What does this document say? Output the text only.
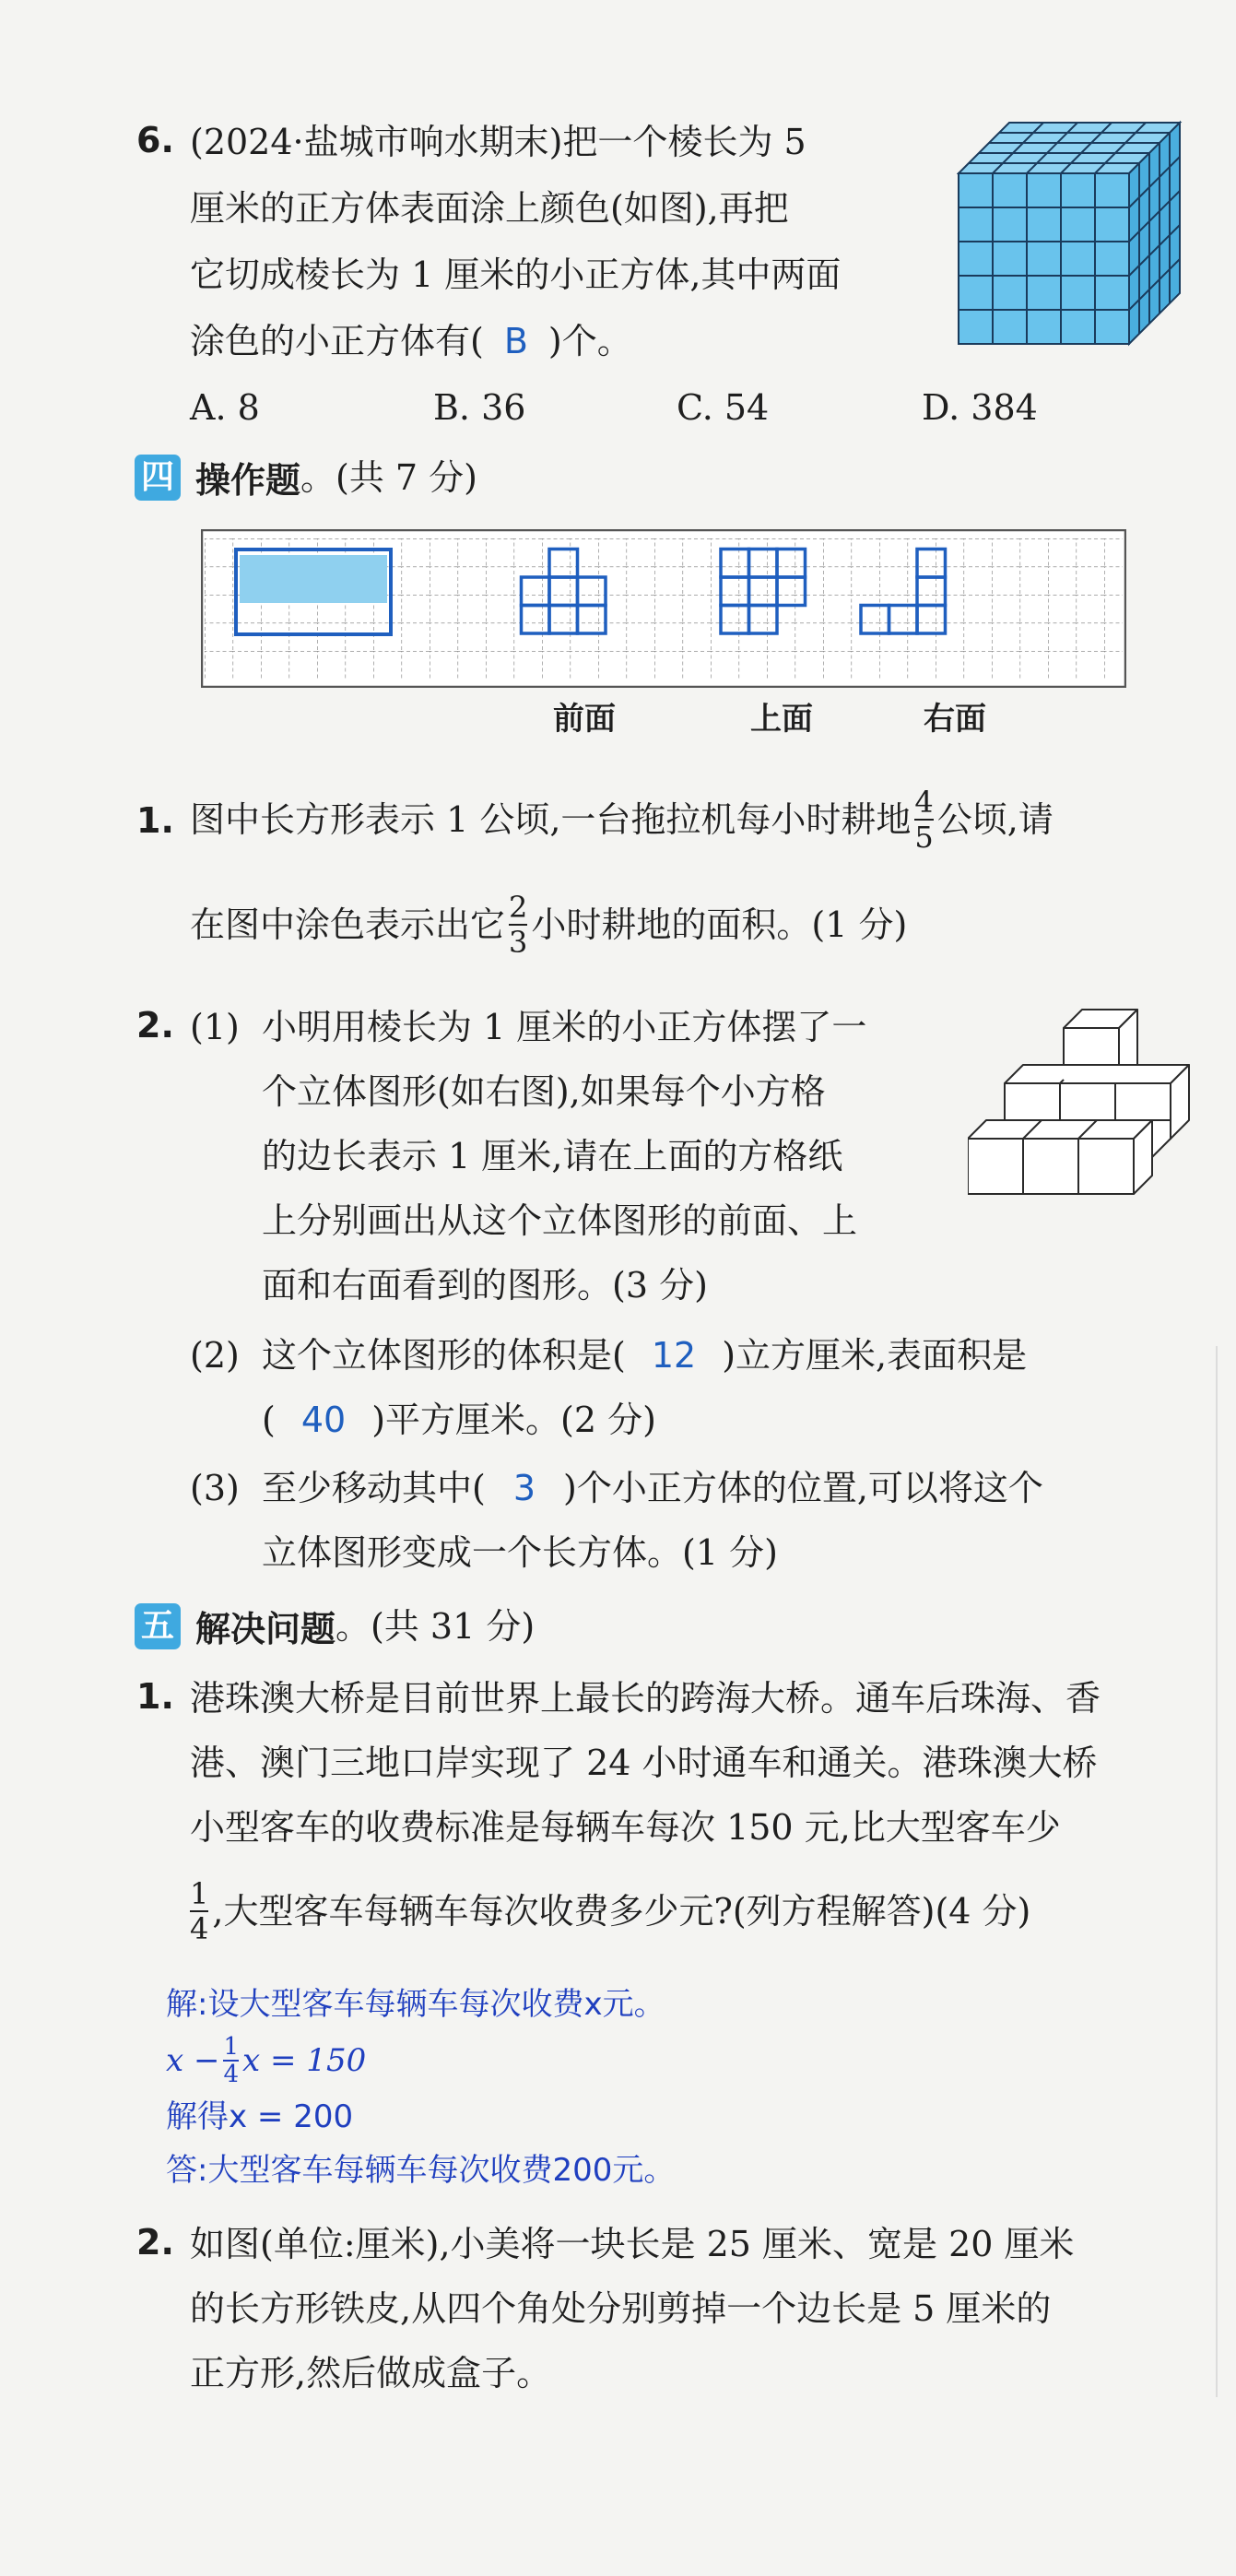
6. (2024·盐城市响水期末)把一个棱长为 5
厘米的正方体表面涂上颜色(如图),再把
它切成棱长为 1 厘米的小正方体,其中两面
涂色的小正方体有( B )个。
A. 8	B. 36	C. 54	D. 384
四 操作题 。(共 7 分)
前面	上面	右面
1. 图中长方形表示 1 公顷,一台拖拉机每小时耕地 $\frac{4}{5}$ 公顷,请
在图中涂色表示出它 $\frac{2}{3}$ 小时耕地的面积。(1 分)
2. (1) 小明用棱长为 1 厘米的小正方体摆了一
个立体图形(如右图),如果每个小方格
的边长表示 1 厘米,请在上面的方格纸
上分别画出从这个立体图形的前面、上
面和右面看到的图形。(3 分)
(2) 这个立体图形的体积是( 12 )立方厘米,表面积是
( 40 )平方厘米。(2 分)
(3) 至少移动其中( 3 )个小正方体的位置,可以将这个
立体图形变成一个长方体。(1 分)
五 解决问题 。(共 31 分)
1. 港珠澳大桥是目前世界上最长的跨海大桥。通车后珠海、香
港、澳门三地口岸实现了 24 小时通车和通关。港珠澳大桥
小型客车的收费标准是每辆车每次 150 元,比大型客车少
$\frac{1}{4}$ ,大型客车每辆车每次收费多少元?(列方程解答)(4 分)
解:设大型客车每辆车每次收费x元。
$x - \frac{1}{4}$ x = 150
解得x = 200
答:大型客车每辆车每次收费200元。
2. 如图(单位:厘米),小美将一块长是 25 厘米、宽是 20 厘米
的长方形铁皮,从四个角处分别剪掉一个边长是 5 厘米的
正方形,然后做成盒子。
